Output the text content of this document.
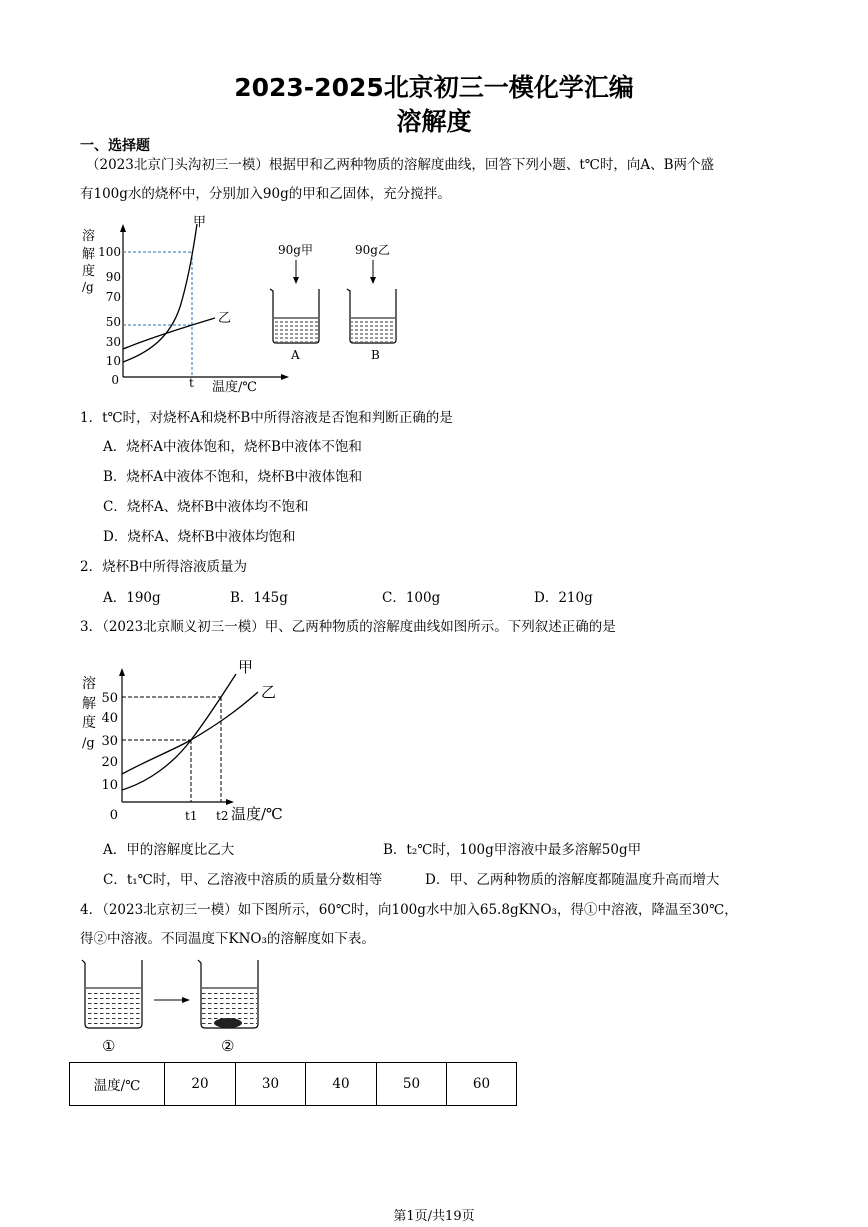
2023-2025北京初三一模化学汇编
溶解度
一、选择题
（2023北京门头沟初三一模）根据甲和乙两种物质的溶解度曲线，回答下列小题、t℃时，向A、B两个盛
有100g水的烧杯中，分别加入90g的甲和乙固体，充分搅拌。
溶
解
度
/g
100
90
70
50
30
10
0
甲
乙
t 温度/℃
90g甲
A
90g乙
B
1．t℃时，对烧杯A和烧杯B中所得溶液是否饱和判断正确的是
A．烧杯A中液体饱和，烧杯B中液体不饱和
B．烧杯A中液体不饱和，烧杯B中液体饱和
C．烧杯A、烧杯B中液体均不饱和
D．烧杯A、烧杯B中液体均饱和
2．烧杯B中所得溶液质量为
A．190g	B．145g	C．100g	D．210g
3．（2023北京顺义初三一模）甲、乙两种物质的溶解度曲线如图所示。下列叙述正确的是
溶
解
度
/g
50
40
30
20
10
0
甲
乙
t1 t2 温度/℃
A．甲的溶解度比乙大	B．t₂℃时，100g甲溶液中最多溶解50g甲
C．t₁℃时，甲、乙溶液中溶质的质量分数相等	D．甲、乙两种物质的溶解度都随温度升高而增大
4．（2023北京初三一模）如下图所示，60℃时，向100g水中加入65.8gKNO₃，得①中溶液，降温至30℃，
得②中溶液。不同温度下KNO₃的溶解度如下表。
①	②
温度/℃	20	30	40	50	60
第1页/共19页
